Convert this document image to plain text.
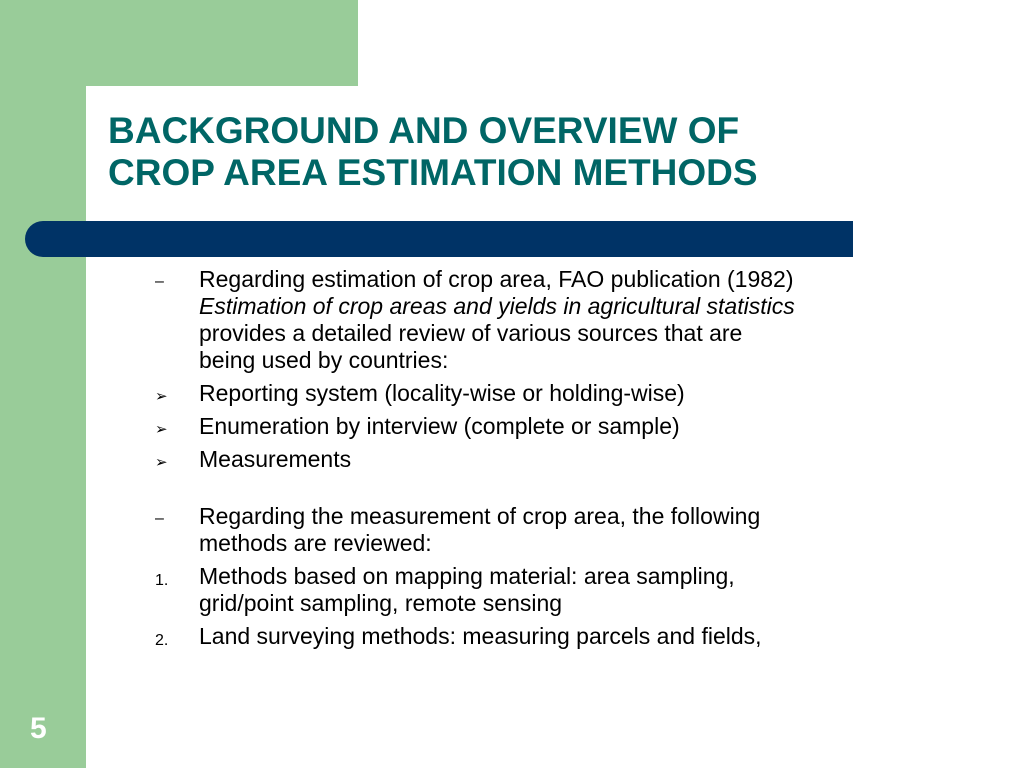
BACKGROUND AND OVERVIEW OF
CROP AREA ESTIMATION METHODS
–	Regarding estimation of crop area, FAO publication (1982)
Estimation of crop areas and yields in agricultural statistics
provides a detailed review of various sources that are
being used by countries:
➢	Reporting system (locality-wise or holding-wise)
➢	Enumeration by interview (complete or sample)
➢	Measurements
–	Regarding the measurement of crop area, the following
methods are reviewed:
1.	Methods based on mapping material: area sampling,
grid/point sampling, remote sensing
2.	Land surveying methods: measuring parcels and fields,
5
